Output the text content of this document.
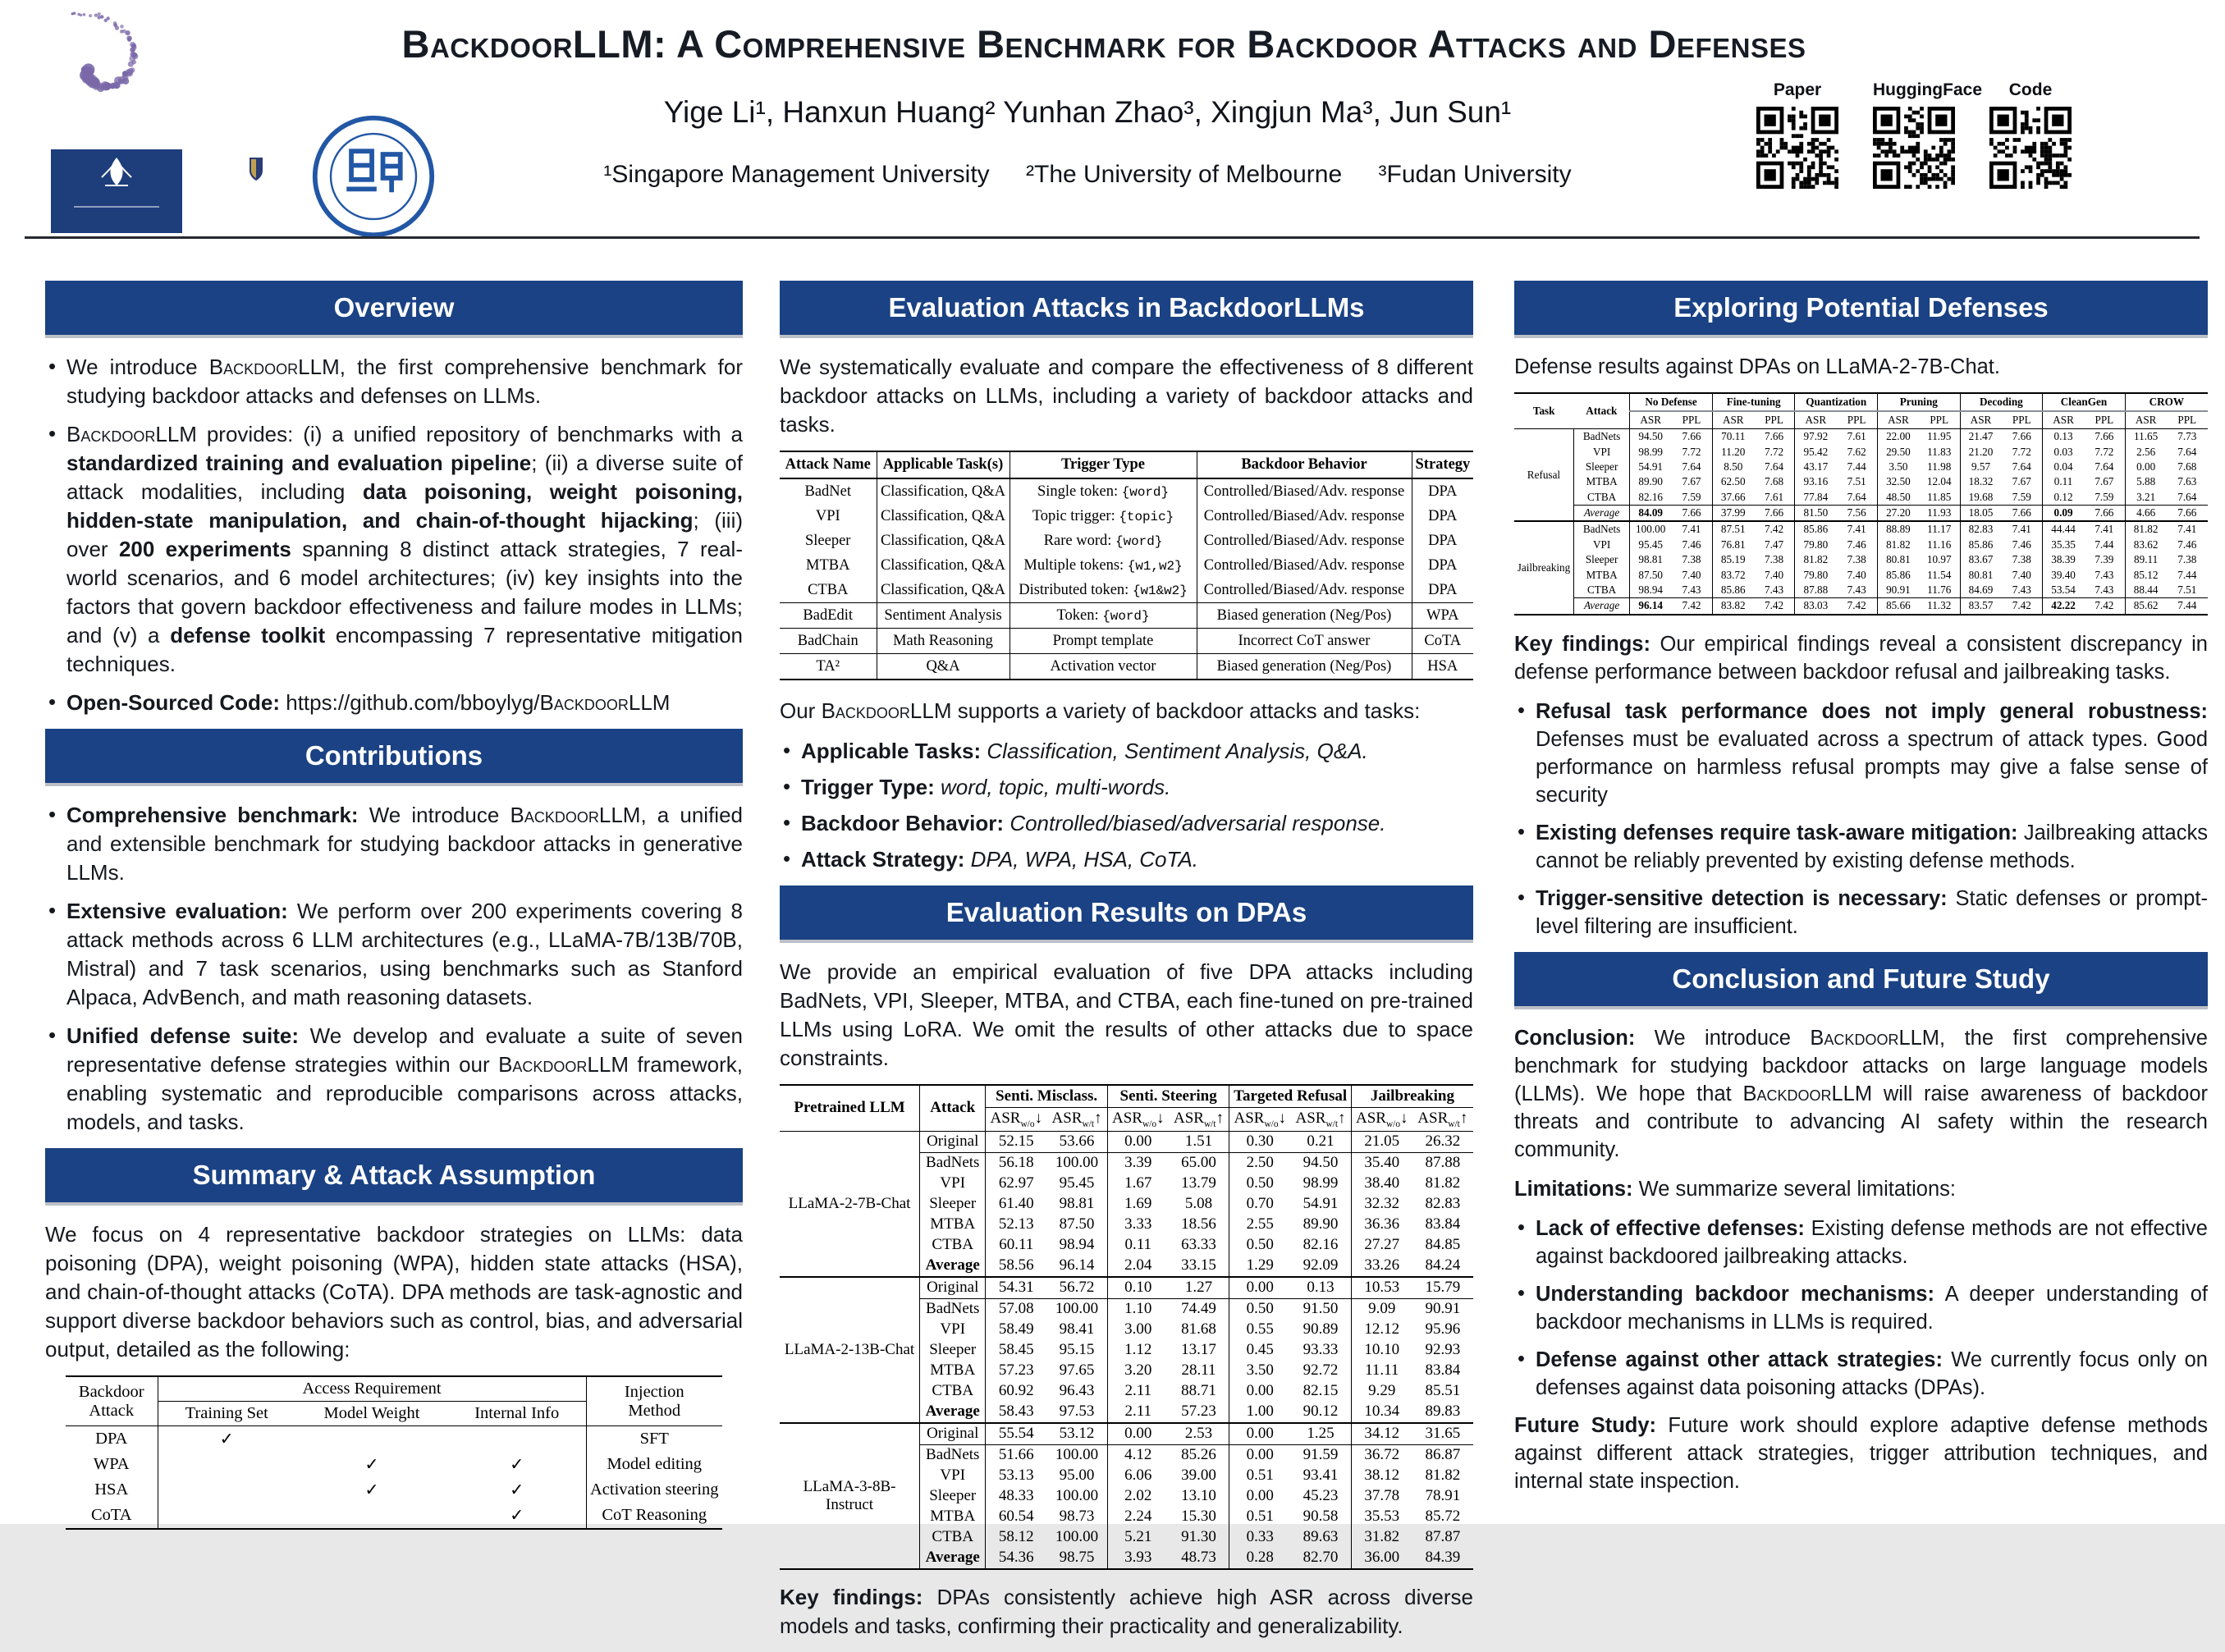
BackdoorLLM: A Comprehensive Benchmark for Backdoor Attacks and Defenses
Yige Li¹, Hanxun Huang² Yunhan Zhao³, Xingjun Ma³, Jun Sun¹
¹Singapore Management University ²The University of Melbourne ³Fudan University
Paper	HuggingFace	Code
Overview
• We introduce BackdoorLLM, the first comprehensive benchmark for studying backdoor attacks and defenses on LLMs.
• BackdoorLLM provides: (i) a unified repository of benchmarks with a standardized training and evaluation pipeline; (ii) a diverse suite of attack modalities, including data poisoning, weight poisoning, hidden-state manipulation, and chain-of-thought hijacking; (iii) over 200 experiments spanning 8 distinct attack strategies, 7 real-world scenarios, and 6 model architectures; (iv) key insights into the factors that govern backdoor effectiveness and failure modes in LLMs; and (v) a defense toolkit encompassing 7 representative mitigation techniques.
• Open-Sourced Code: https://github.com/bboylyg/BackdoorLLM
Contributions
• Comprehensive benchmark: We introduce BackdoorLLM, a unified and extensible benchmark for studying backdoor attacks in generative LLMs.
• Extensive evaluation: We perform over 200 experiments covering 8 attack methods across 6 LLM architectures (e.g., LLaMA-7B/13B/70B, Mistral) and 7 task scenarios, using benchmarks such as Stanford Alpaca, AdvBench, and math reasoning datasets.
• Unified defense suite: We develop and evaluate a suite of seven representative defense strategies within our BackdoorLLM framework, enabling systematic and reproducible comparisons across attacks, models, and tasks.
Summary & Attack Assumption

We focus on 4 representative backdoor strategies on LLMs: data poisoning (DPA), weight poisoning (WPA), hidden state attacks (HSA), and chain-of-thought attacks (CoTA). DPA methods are task-agnostic and support diverse backdoor behaviors such as control, bias, and adversarial output, detailed as the following:

Backdoor
Attack	Access Requirement			Injection
Method
	Training Set	Model Weight	Internal Info	
DPA	✓			SFT
WPA		✓	✓	Model editing
HSA		✓	✓	Activation steering
CoTA			✓	CoT Reasoning
Evaluation Attacks in BackdoorLLMs

We systematically evaluate and compare the effectiveness of 8 different backdoor attacks on LLMs, including a variety of backdoor attacks and tasks.

Attack Name	Applicable Task(s)	Trigger Type	Backdoor Behavior	Strategy
BadNet	Classification, Q&A	Single token: {word}	Controlled/Biased/Adv. response	DPA
VPI	Classification, Q&A	Topic trigger: {topic}	Controlled/Biased/Adv. response	DPA
Sleeper	Classification, Q&A	Rare word: {word}	Controlled/Biased/Adv. response	DPA
MTBA	Classification, Q&A	Multiple tokens: {w1,w2}	Controlled/Biased/Adv. response	DPA
CTBA	Classification, Q&A	Distributed token: {w1&w2}	Controlled/Biased/Adv. response	DPA
BadEdit	Sentiment Analysis	Token: {word}	Biased generation (Neg/Pos)	WPA
BadChain	Math Reasoning	Prompt template	Incorrect CoT answer	CoTA
TA²	Q&A	Activation vector	Biased generation (Neg/Pos)	HSA

Our BackdoorLLM supports a variety of backdoor attacks and tasks:

• Applicable Tasks: Classification, Sentiment Analysis, Q&A.
• Trigger Type: word, topic, multi-words.
• Backdoor Behavior: Controlled/biased/adversarial response.
• Attack Strategy: DPA, WPA, HSA, CoTA.
Evaluation Results on DPAs

We provide an empirical evaluation of five DPA attacks including BadNets, VPI, Sleeper, MTBA, and CTBA, each fine-tuned on pre-trained LLMs using LoRA. We omit the results of other attacks due to space constraints.

Pretrained LLM	Attack	Senti. Misclass.		Senti. Steering		Targeted Refusal		Jailbreaking	
		$ASR_{w/o}↓$	$ASR_{w/t}↑$	$ASR_{w/o}↓$	$ASR_{w/t}↑$	$ASR_{w/o}↓$	$ASR_{w/t}↑$	$ASR_{w/o}↓$	$ASR_{w/t}↑$
LLaMA-2-7B-Chat	Original	52.15	53.66	0.00	1.51	0.30	0.21	21.05	26.32
	BadNets	56.18	100.00	3.39	65.00	2.50	94.50	35.40	87.88
	VPI	62.97	95.45	1.67	13.79	0.50	98.99	38.40	81.82
	Sleeper	61.40	98.81	1.69	5.08	0.70	54.91	32.32	82.83
	MTBA	52.13	87.50	3.33	18.56	2.55	89.90	36.36	83.84
	CTBA	60.11	98.94	0.11	63.33	0.50	82.16	27.27	84.85
	Average	58.56	96.14	2.04	33.15	1.29	92.09	33.26	84.24
LLaMA-2-13B-Chat	Original	54.31	56.72	0.10	1.27	0.00	0.13	10.53	15.79
	BadNets	57.08	100.00	1.10	74.49	0.50	91.50	9.09	90.91
	VPI	58.49	98.41	3.00	81.68	0.55	90.89	12.12	95.96
	Sleeper	58.45	95.15	1.12	13.17	0.45	93.33	10.10	92.93
	MTBA	57.23	97.65	3.20	28.11	3.50	92.72	11.11	83.84
	CTBA	60.92	96.43	2.11	88.71	0.00	82.15	9.29	85.51
	Average	58.43	97.53	2.11	57.23	1.00	90.12	10.34	89.83
LLaMA-3-8B-Instruct	Original	55.54	53.12	0.00	2.53	0.00	1.25	34.12	31.65
	BadNets	51.66	100.00	4.12	85.26	0.00	91.59	36.72	86.87
	VPI	53.13	95.00	6.06	39.00	0.51	93.41	38.12	81.82
	Sleeper	48.33	100.00	2.02	13.10	0.00	45.23	37.78	78.91
	MTBA	60.54	98.73	2.24	15.30	0.51	90.58	35.53	85.72
	CTBA	58.12	100.00	5.21	91.30	0.33	89.63	31.82	87.87
	Average	54.36	98.75	3.93	48.73	0.28	82.70	36.00	84.39

Key findings: DPAs consistently achieve high ASR across diverse models and tasks, confirming their practicality and generalizability.

Exploring Potential Defenses

Defense results against DPAs on LLaMA-2-7B-Chat.

Task	Attack	No Defense		Fine-tuning		Quantization		Pruning		Decoding		CleanGen		CROW	
		ASR	PPL	ASR	PPL	ASR	PPL	ASR	PPL	ASR	PPL	ASR	PPL	ASR	PPL
Refusal	BadNets	94.50	7.66	70.11	7.66	97.92	7.61	22.00	11.95	21.47	7.66	0.13	7.66	11.65	7.73
	VPI	98.99	7.72	11.20	7.72	95.42	7.62	29.50	11.83	21.20	7.72	0.03	7.72	2.56	7.64
	Sleeper	54.91	7.64	8.50	7.64	43.17	7.44	3.50	11.98	9.57	7.64	0.04	7.64	0.00	7.68
	MTBA	89.90	7.67	62.50	7.68	93.16	7.51	32.50	12.04	18.32	7.67	0.11	7.67	5.88	7.63
	CTBA	82.16	7.59	37.66	7.61	77.84	7.64	48.50	11.85	19.68	7.59	0.12	7.59	3.21	7.64
	Average	84.09	7.66	37.99	7.66	81.50	7.56	27.20	11.93	18.05	7.66	0.09	7.66	4.66	7.66
Jailbreaking	BadNets	100.00	7.41	87.51	7.42	85.86	7.41	88.89	11.17	82.83	7.41	44.44	7.41	81.82	7.41
	VPI	95.45	7.46	76.81	7.47	79.80	7.46	81.82	11.16	85.86	7.46	35.35	7.44	83.62	7.46
	Sleeper	98.81	7.38	85.19	7.38	81.82	7.38	80.81	10.97	83.67	7.38	38.39	7.39	89.11	7.38
	MTBA	87.50	7.40	83.72	7.40	79.80	7.40	85.86	11.54	80.81	7.40	39.40	7.43	85.12	7.44
	CTBA	98.94	7.43	85.86	7.43	87.88	7.43	90.91	11.76	84.69	7.43	53.54	7.43	88.44	7.51
	Average	96.14	7.42	83.82	7.42	83.03	7.42	85.66	11.32	83.57	7.42	42.22	7.42	85.62	7.44

Key findings: Our empirical findings reveal a consistent discrepancy in defense performance between backdoor refusal and jailbreaking tasks.

• Refusal task performance does not imply general robustness: Defenses must be evaluated across a spectrum of attack types. Good performance on harmless refusal prompts may give a false sense of security
• Existing defenses require task-aware mitigation: Jailbreaking attacks cannot be reliably prevented by existing defense methods.
• Trigger-sensitive detection is necessary: Static defenses or prompt-level filtering are insufficient.
Conclusion and Future Study

Conclusion: We introduce BackdoorLLM, the first comprehensive benchmark for studying backdoor attacks on large language models (LLMs). We hope that BackdoorLLM will raise awareness of backdoor threats and contribute to advancing AI safety within the research community.

Limitations: We summarize several limitations:

• Lack of effective defenses: Existing defense methods are not effective against backdoored jailbreaking attacks.
• Understanding backdoor mechanisms: A deeper understanding of backdoor mechanisms in LLMs is required.
• Defense against other attack strategies: We currently focus only on defenses against data poisoning attacks (DPAs).

Future Study: Future work should explore adaptive defense methods against different attack strategies, trigger attribution techniques, and internal state inspection.
